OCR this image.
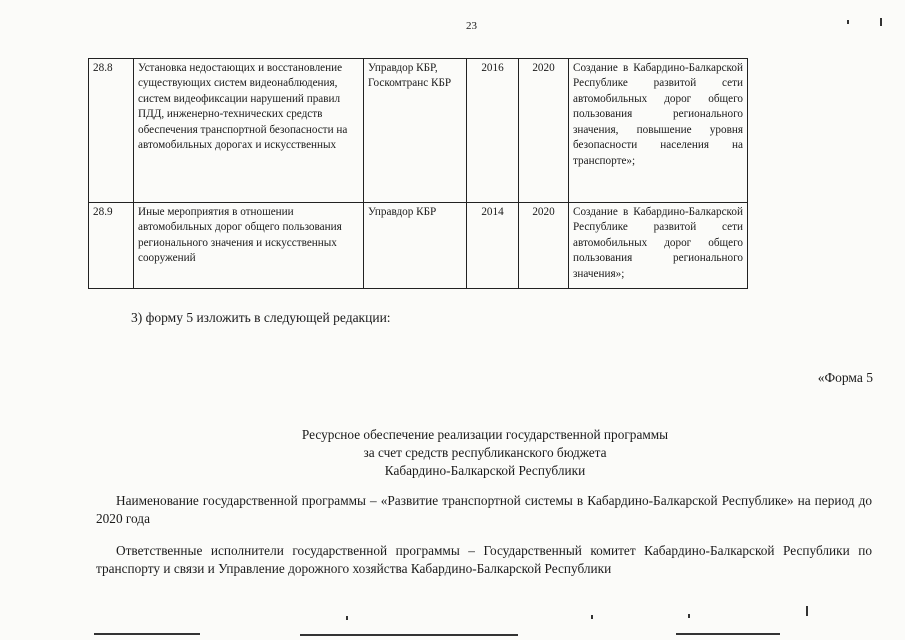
23
28.8	Установка недостающих и восстановление существующих систем видеонаблюдения, систем видеофиксации нарушений правил ПДД, инженерно-технических средств обеспечения транспортной безопасности на автомобильных дорогах и искусственных	Управдор КБР, Госкомтранс КБР	2016	2020	Создание в Кабардино-Балкарской Республике развитой сети автомобильных дорог общего пользования регионального значения, повышение уровня безопасности населения на транспорте»;
28.9	Иные мероприятия в отношении автомобильных дорог общего пользования регионального значения и искусственных сооружений	Управдор КБР	2014	2020	Создание в Кабардино-Балкарской Республике развитой сети автомобильных дорог общего пользования регионального значения»;
3) форму 5 изложить в следующей редакции:
«Форма 5
Ресурсное обеспечение реализации государственной программы
за счет средств республиканского бюджета
Кабардино-Балкарской Республики
Наименование государственной программы – «Развитие транспортной системы в Кабардино-Балкарской Республике» на период до 2020 года
Ответственные исполнители государственной программы – Государственный комитет Кабардино-Балкарской Республики по транспорту и связи и Управление дорожного хозяйства Кабардино-Балкарской Республики
